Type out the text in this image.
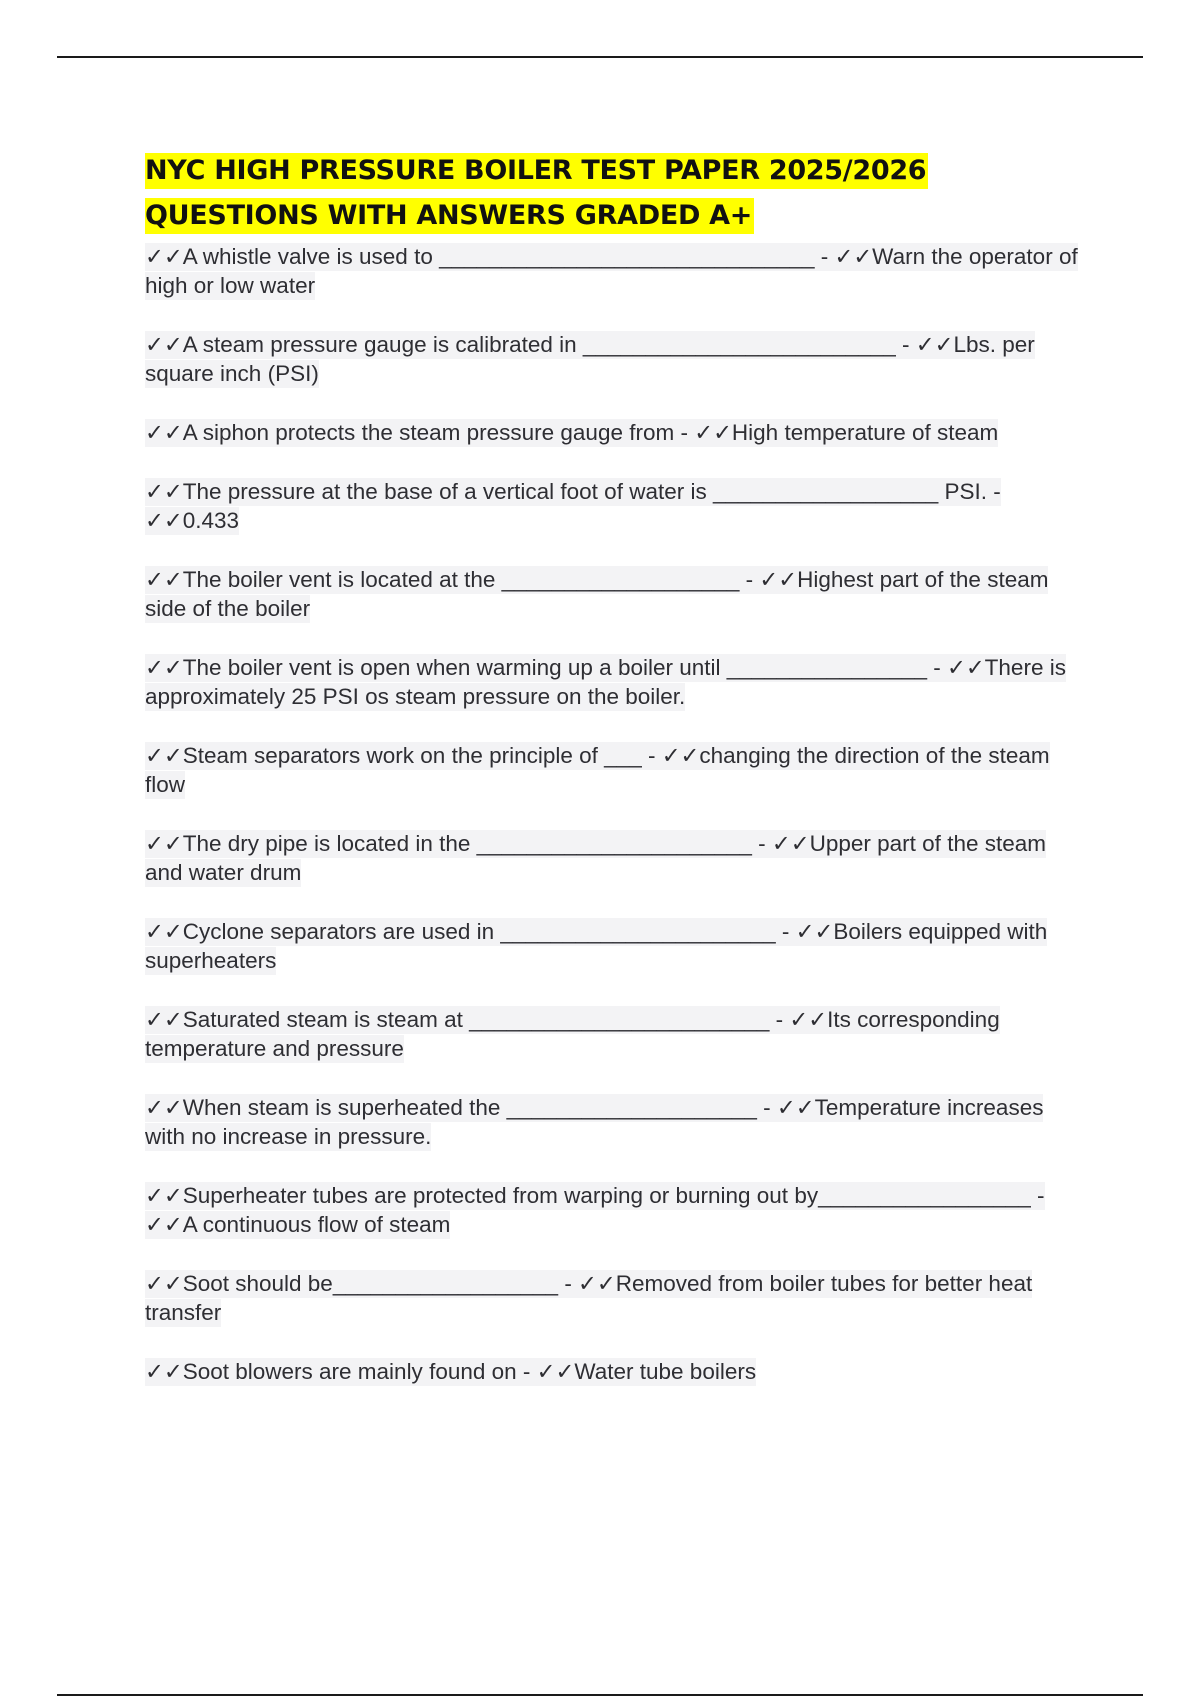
NYC HIGH PRESSURE BOILER TEST PAPER 2025/2026
QUESTIONS WITH ANSWERS GRADED A+
✓✓A whistle valve is used to ______________________________ - ✓✓Warn the operator of high or low water
✓✓A steam pressure gauge is calibrated in _________________________ - ✓✓Lbs. per square inch (PSI)
✓✓A siphon protects the steam pressure gauge from - ✓✓High temperature of steam
✓✓The pressure at the base of a vertical foot of water is __________________ PSI. - ✓✓0.433
✓✓The boiler vent is located at the ___________________ - ✓✓Highest part of the steam side of the boiler
✓✓The boiler vent is open when warming up a boiler until ________________ - ✓✓There is approximately 25 PSI os steam pressure on the boiler.
✓✓Steam separators work on the principle of ___ - ✓✓changing the direction of the steam flow
✓✓The dry pipe is located in the ______________________ - ✓✓Upper part of the steam and water drum
✓✓Cyclone separators are used in ______________________ - ✓✓Boilers equipped with superheaters
✓✓Saturated steam is steam at ________________________ - ✓✓Its corresponding temperature and pressure
✓✓When steam is superheated the ____________________ - ✓✓Temperature increases with no increase in pressure.
✓✓Superheater tubes are protected from warping or burning out by_________________ - ✓✓A continuous flow of steam
✓✓Soot should be__________________ - ✓✓Removed from boiler tubes for better heat transfer
✓✓Soot blowers are mainly found on - ✓✓Water tube boilers
